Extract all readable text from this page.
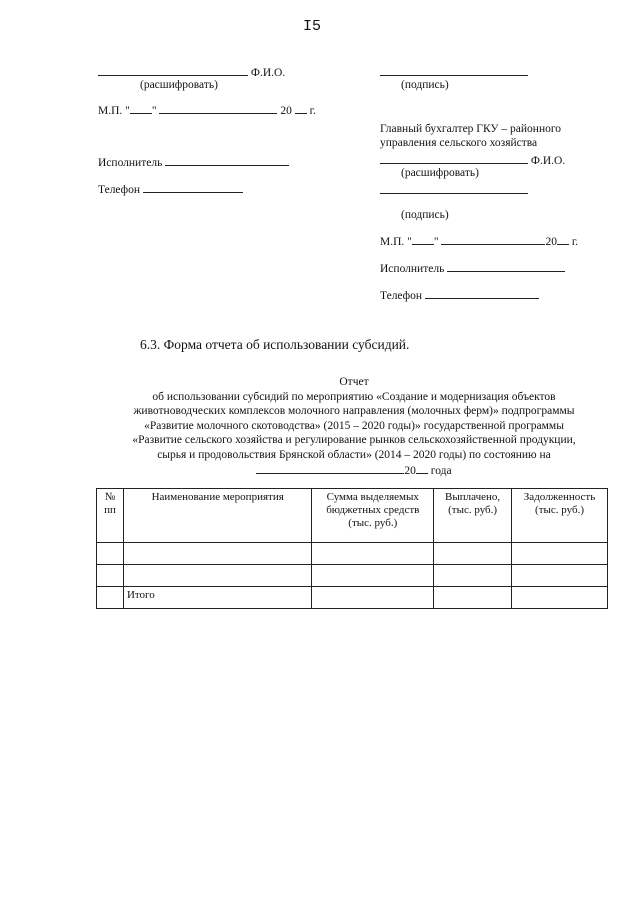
I5
Ф.И.О.
(расшифровать)
М.П. " "	20 г.
Исполнитель
Телефон
(подпись)
Главный бухгалтер ГКУ – районного
управления сельского хозяйства
Ф.И.О.
(расшифровать)
(подпись)
М.П. " "	20 г.
Исполнитель
Телефон
6.3. Форма отчета об использовании субсидий.
Отчет
об использовании субсидий по мероприятию «Создание и модернизация объектов
животноводческих комплексов молочного направления (молочных ферм)» подпрограммы
«Развитие молочного скотоводства» (2015 – 2020 годы)» государственной программы
«Развитие сельского хозяйства и регулирование рынков сельскохозяйственной продукции,
сырья и продовольствия Брянской области» (2014 – 2020 годы) по состоянию на
20 года
№ пп	Наименование мероприятия	Сумма выделяемых бюджетных средств (тыс. руб.)	Выплачено, (тыс. руб.)	Задолженность (тыс. руб.)

	Итого			
